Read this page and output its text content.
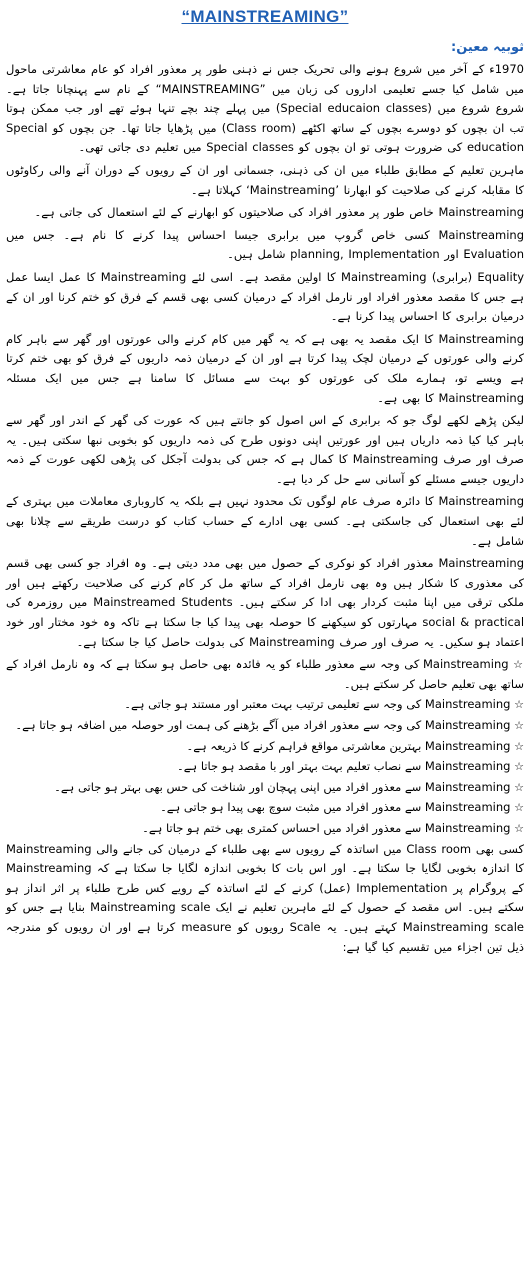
“MAINSTREAMING”
ثوبیہ معین:

1970ء کے آخر میں شروع ہونے والی تحریک جس نے ذہنی طور پر معذور افراد کو عام معاشرتی ماحول میں شامل کیا جسے تعلیمی اداروں کی زبان میں ”MAINSTREAMING“ کے نام سے پہنچانا جاتا ہے۔ شروع شروع میں (Special educaion classes) میں پہلے چند بچے تنہا ہوئے تھے اور جب ممکن ہوتا تب ان بچوں کو دوسرے بچوں کے ساتھ اکٹھے (Class room) میں پڑھایا جاتا تھا۔ جن بچوں کو Special education کی ضرورت ہوتی تو ان بچوں کو Special classes میں تعلیم دی جاتی تھی۔

ماہرین تعلیم کے مطابق طلباء میں ان کی ذہنی، جسمانی اور ان کے رویوں کے دوران آنے والی رکاوٹوں کا مقابلہ کرنے کی صلاحیت کو ابھارنا ’Mainstreaming‘ کہلاتا ہے۔

Mainstreaming خاص طور پر معذور افراد کی صلاحیتوں کو ابھارنے کے لئے استعمال کی جاتی ہے۔

Mainstreaming کسی خاص گروپ میں برابری جیسا احساس پیدا کرنے کا نام ہے۔ جس میں Evaluation اور planning, Implementation شامل ہیں۔

Equality (برابری) Mainstreaming کا اولین مقصد ہے۔ اسی لئے Mainstreaming کا عمل ایسا عمل ہے جس کا مقصد معذور افراد اور نارمل افراد کے درمیان کسی بھی قسم کے فرق کو ختم کرنا اور ان کے درمیان برابری کا احساس پیدا کرنا ہے۔

Mainstreaming کا ایک مقصد یہ بھی ہے کہ یہ گھر میں کام کرنے والی عورتوں اور گھر سے باہر کام کرنے والی عورتوں کے درمیان لچک پیدا کرتا ہے اور ان کے درمیان ذمہ داریوں کے فرق کو بھی ختم کرتا ہے ویسے تو، ہمارے ملک کی عورتوں کو بہت سے مسائل کا سامنا ہے جس میں ایک مسئلہ Mainstreaming کا بھی ہے۔

لیکن پڑھے لکھے لوگ جو کہ برابری کے اس اصول کو جانتے ہیں کہ عورت کی گھر کے اندر اور گھر سے باہر کیا کیا ذمہ داریاں ہیں اور عورتیں اپنی دونوں طرح کی ذمہ داریوں کو بخوبی نبھا سکتی ہیں۔ یہ صرف اور صرف Mainstreaming کا کمال ہے کہ جس کی بدولت آجکل کی پڑھی لکھی عورت کے ذمہ داریوں جیسے مسئلے کو آسانی سے حل کر دیا ہے۔

Mainstreaming کا دائرہ صرف عام لوگوں تک محدود نہیں ہے بلکہ یہ کاروباری معاملات میں بہتری کے لئے بھی استعمال کی جاسکتی ہے۔ کسی بھی ادارے کے حساب کتاب کو درست طریقے سے چلانا بھی شامل ہے۔

Mainstreaming معذور افراد کو نوکری کے حصول میں بھی مدد دیتی ہے۔ وہ افراد جو کسی بھی قسم کی معذوری کا شکار ہیں وہ بھی نارمل افراد کے ساتھ مل کر کام کرنے کی صلاحیت رکھتے ہیں اور ملکی ترقی میں اپنا مثبت کردار بھی ادا کر سکتے ہیں۔ Mainstreamed Students میں روزمرہ کی social & practical مہارتوں کو سیکھنے کا حوصلہ بھی پیدا کیا جا سکتا ہے تاکہ وہ خود مختار اور خود اعتماد ہو سکیں۔ یہ صرف اور صرف Mainstreaming کی بدولت حاصل کیا جا سکتا ہے۔

☆ Mainstreaming کی وجہ سے معذور طلباء کو یہ فائدہ بھی حاصل ہو سکتا ہے کہ وہ نارمل افراد کے ساتھ بھی تعلیم حاصل کر سکتے ہیں۔
☆ Mainstreaming کی وجہ سے تعلیمی ترتیب بہت معتبر اور مستند ہو جاتی ہے۔
☆ Mainstreaming کی وجہ سے معذور افراد میں آگے بڑھنے کی ہمت اور حوصلہ میں اضافہ ہو جاتا ہے۔
☆ Mainstreaming بہترین معاشرتی مواقع فراہم کرنے کا ذریعہ ہے۔
☆ Mainstreaming سے نصاب تعلیم بہت بہتر اور با مقصد ہو جاتا ہے۔
☆ Mainstreaming سے معذور افراد میں اپنی پہچان اور شناخت کی حس بھی بہتر ہو جاتی ہے۔
☆ Mainstreaming سے معذور افراد میں مثبت سوچ بھی پیدا ہو جاتی ہے۔
☆ Mainstreaming سے معذور افراد میں احساس کمتری بھی ختم ہو جاتا ہے۔

کسی بھی Class room میں اساتذہ کے رویوں سے بھی طلباء کے درمیان کی جانے والی Mainstreaming کا اندازہ بخوبی لگایا جا سکتا ہے۔ اور اس بات کا بخوبی اندازہ لگایا جا سکتا ہے کہ Mainstreaming کے پروگرام پر Implementation (عمل) کرنے کے لئے اساتذہ کے رویے کس طرح طلباء پر اثر انداز ہو سکتے ہیں۔ اس مقصد کے حصول کے لئے ماہرین تعلیم نے ایک Mainstreaming scale بنایا ہے جس کو Mainstreaming scale کہتے ہیں۔ یہ Scale رویوں کو measure کرتا ہے اور ان رویوں کو مندرجہ ذیل تین اجزاء میں تقسیم کیا گیا ہے:
